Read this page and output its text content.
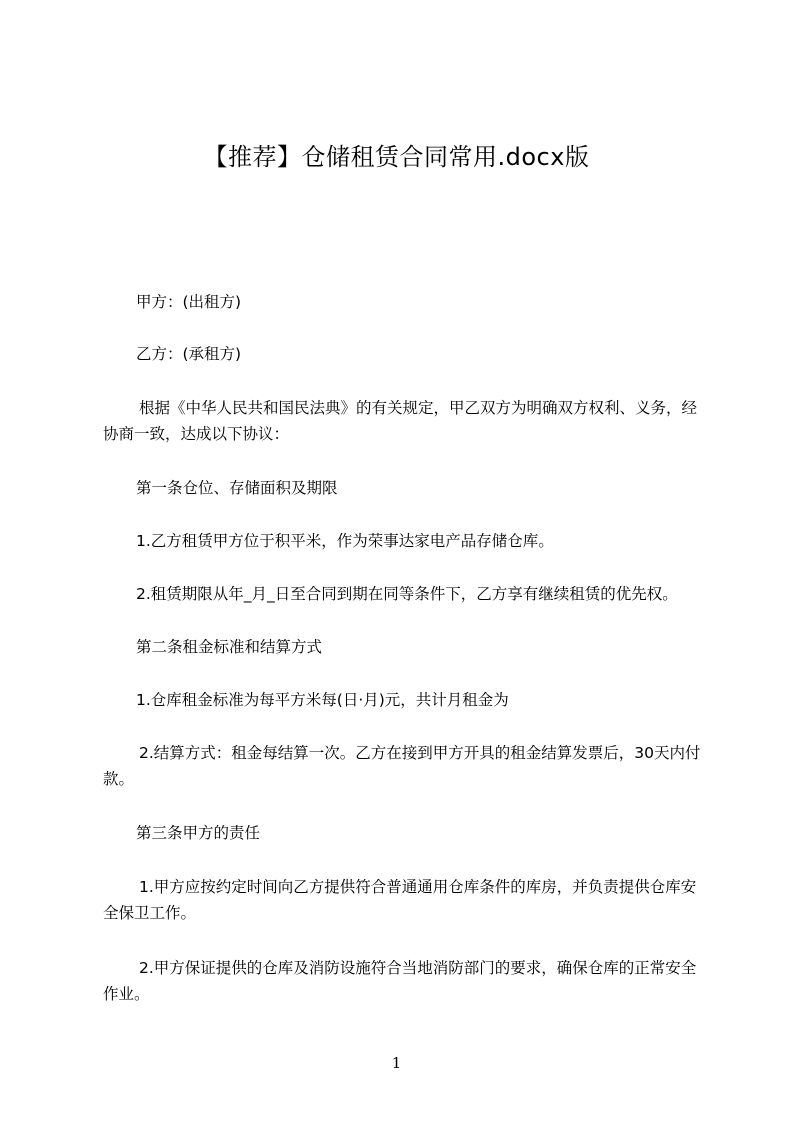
【推荐】仓储租赁合同常用.docx版

甲方：(出租方)

乙方：(承租方)

根据《中华人民共和国民法典》的有关规定，甲乙双方为明确双方权利、义务，经协商一致，达成以下协议：

第一条仓位、存储面积及期限

1.乙方租赁甲方位于积平米，作为荣事达家电产品存储仓库。

2.租赁期限从年_月_日至合同到期在同等条件下，乙方享有继续租赁的优先权。

第二条租金标准和结算方式

1.仓库租金标准为每平方米每(日·月)元，共计月租金为

2.结算方式：租金每结算一次。乙方在接到甲方开具的租金结算发票后，30天内付款。

第三条甲方的责任

1.甲方应按约定时间向乙方提供符合普通通用仓库条件的库房，并负责提供仓库安全保卫工作。

2.甲方保证提供的仓库及消防设施符合当地消防部门的要求，确保仓库的正常安全作业。

1
